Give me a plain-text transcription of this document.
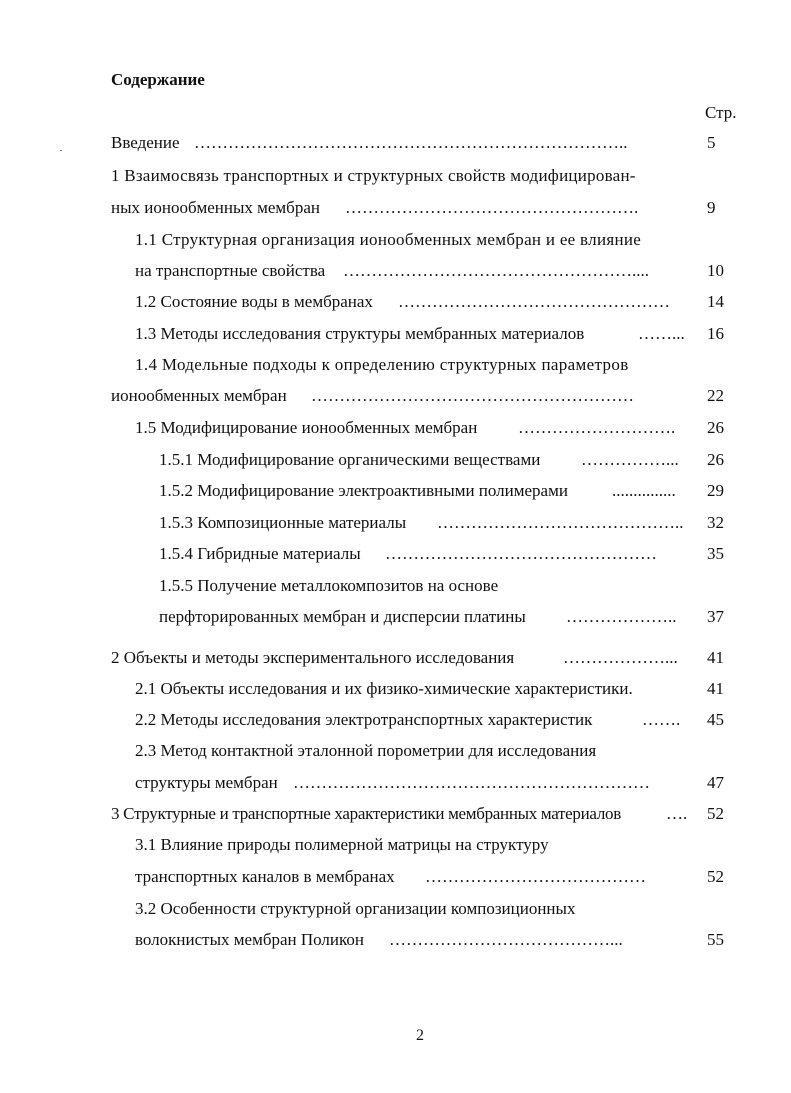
Содержание
Стр.
Введение …………………………………………………………………..	5
1 Взаимосвязь транспортных и структурных свойств модифицирован-
ных ионообменных мембран …………………………………………….	9
1.1 Структурная организация ионообменных мембран и ее влияние
на транспортные свойства ……………………………………………....	10
1.2 Состояние воды в мембранах …………………………………………	14
1.3 Методы исследования структуры мембранных материалов	……... 16
1.4 Модельные подходы к определению структурных параметров
ионообменных мембран …………………………………………………	22
1.5 Модифицирование ионообменных мембран ……………………….	26
1.5.1 Модифицирование органическими веществами ……………...	26
1.5.2 Модифицирование электроактивными полимерами	...............	29
1.5.3 Композиционные материалы ……………………………………..	32
1.5.4 Гибридные материалы …………………………………………	35
1.5.5 Получение металлокомпозитов на основе
перфторированных мембран и дисперсии платины ………………..	37
2 Объекты и методы экспериментального исследования	………………...	41
2.1 Объекты исследования и их физико-химические характеристики.	41
2.2 Методы исследования электротранспортных характеристик	…….	45
2.3 Метод контактной эталонной порометрии для исследования
структуры мембран ………………………………………………………	47
3 Структурные и транспортные характеристики мембранных материалов	….	52
3.1 Влияние природы полимерной матрицы на структуру
транспортных каналов в мембранах …………………………………	52
3.2 Особенности структурной организации композиционных
волокнистых мембран Поликон …………………………………...	55
2
